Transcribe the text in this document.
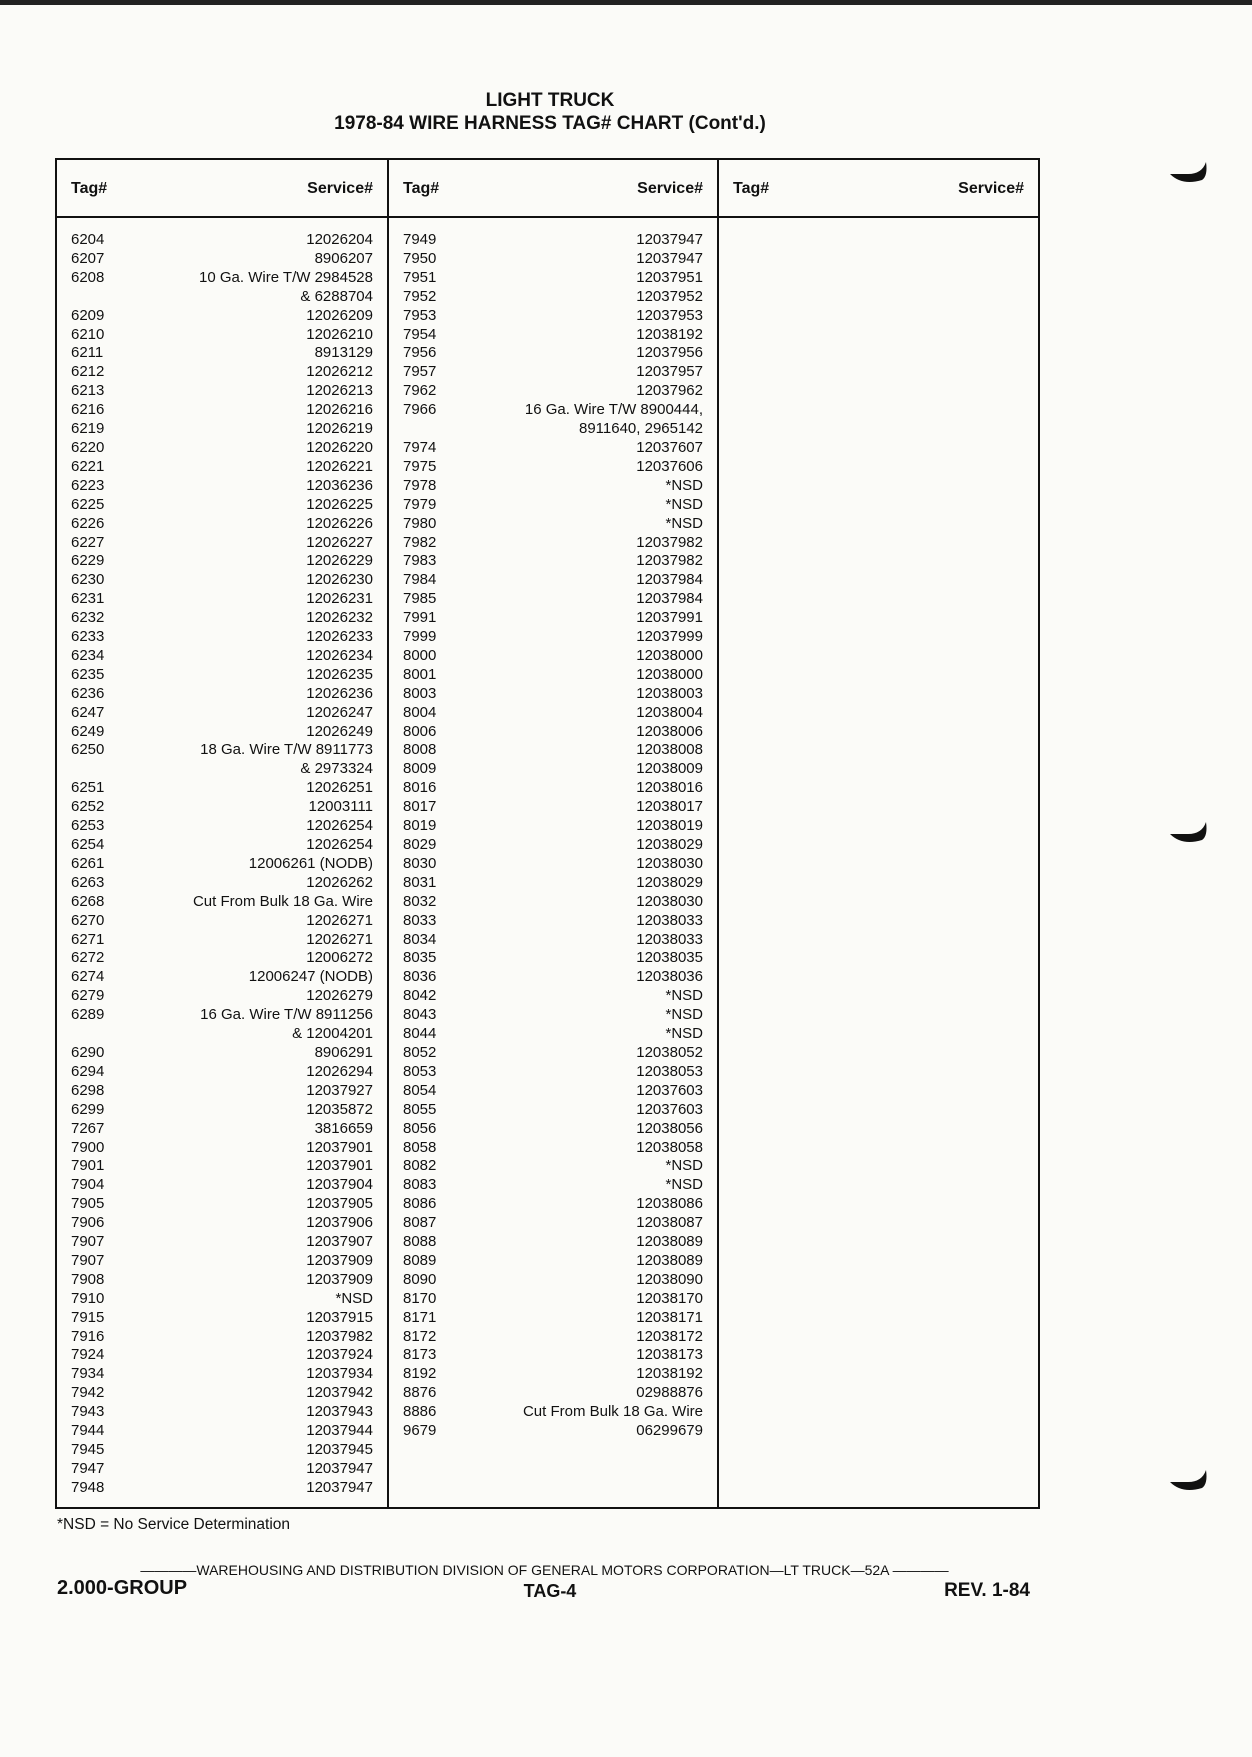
LIGHT TRUCK
1978-84 WIRE HARNESS TAG# CHART (Cont'd.)
Tag#	Service#
6204	12026204
6207	8906207
6208	10 Ga. Wire T/W 2984528
& 6288704
6209	12026209
6210	12026210
6211	8913129
6212	12026212
6213	12026213
6216	12026216
6219	12026219
6220	12026220
6221	12026221
6223	12036236
6225	12026225
6226	12026226
6227	12026227
6229	12026229
6230	12026230
6231	12026231
6232	12026232
6233	12026233
6234	12026234
6235	12026235
6236	12026236
6247	12026247
6249	12026249
6250	18 Ga. Wire T/W 8911773
& 2973324
6251	12026251
6252	12003111
6253	12026254
6254	12026254
6261	12006261 (NODB)
6263	12026262
6268	Cut From Bulk 18 Ga. Wire
6270	12026271
6271	12026271
6272	12006272
6274	12006247 (NODB)
6279	12026279
6289	16 Ga. Wire T/W 8911256
& 12004201
6290	8906291
6294	12026294
6298	12037927
6299	12035872
7267	3816659
7900	12037901
7901	12037901
7904	12037904
7905	12037905
7906	12037906
7907	12037907
7907	12037909
7908	12037909
7910	*NSD
7915	12037915
7916	12037982
7924	12037924
7934	12037934
7942	12037942
7943	12037943
7944	12037944
7945	12037945
7947	12037947
7948	12037947
Tag#	Service#
7949	12037947
7950	12037947
7951	12037951
7952	12037952
7953	12037953
7954	12038192
7956	12037956
7957	12037957
7962	12037962
7966	16 Ga. Wire T/W 8900444,
8911640, 2965142
7974	12037607
7975	12037606
7978	*NSD
7979	*NSD
7980	*NSD
7982	12037982
7983	12037982
7984	12037984
7985	12037984
7991	12037991
7999	12037999
8000	12038000
8001	12038000
8003	12038003
8004	12038004
8006	12038006
8008	12038008
8009	12038009
8016	12038016
8017	12038017
8019	12038019
8029	12038029
8030	12038030
8031	12038029
8032	12038030
8033	12038033
8034	12038033
8035	12038035
8036	12038036
8042	*NSD
8043	*NSD
8044	*NSD
8052	12038052
8053	12038053
8054	12037603
8055	12037603
8056	12038056
8058	12038058
8082	*NSD
8083	*NSD
8086	12038086
8087	12038087
8088	12038089
8089	12038089
8090	12038090
8170	12038170
8171	12038171
8172	12038172
8173	12038173
8192	12038192
8876	02988876
8886	Cut From Bulk 18 Ga. Wire
9679	06299679
Tag#	Service#
*NSD = No Service Determination
————WAREHOUSING AND DISTRIBUTION DIVISION OF GENERAL MOTORS CORPORATION—LT TRUCK—52A ————
2.000-GROUP	TAG-4	REV. 1-84
